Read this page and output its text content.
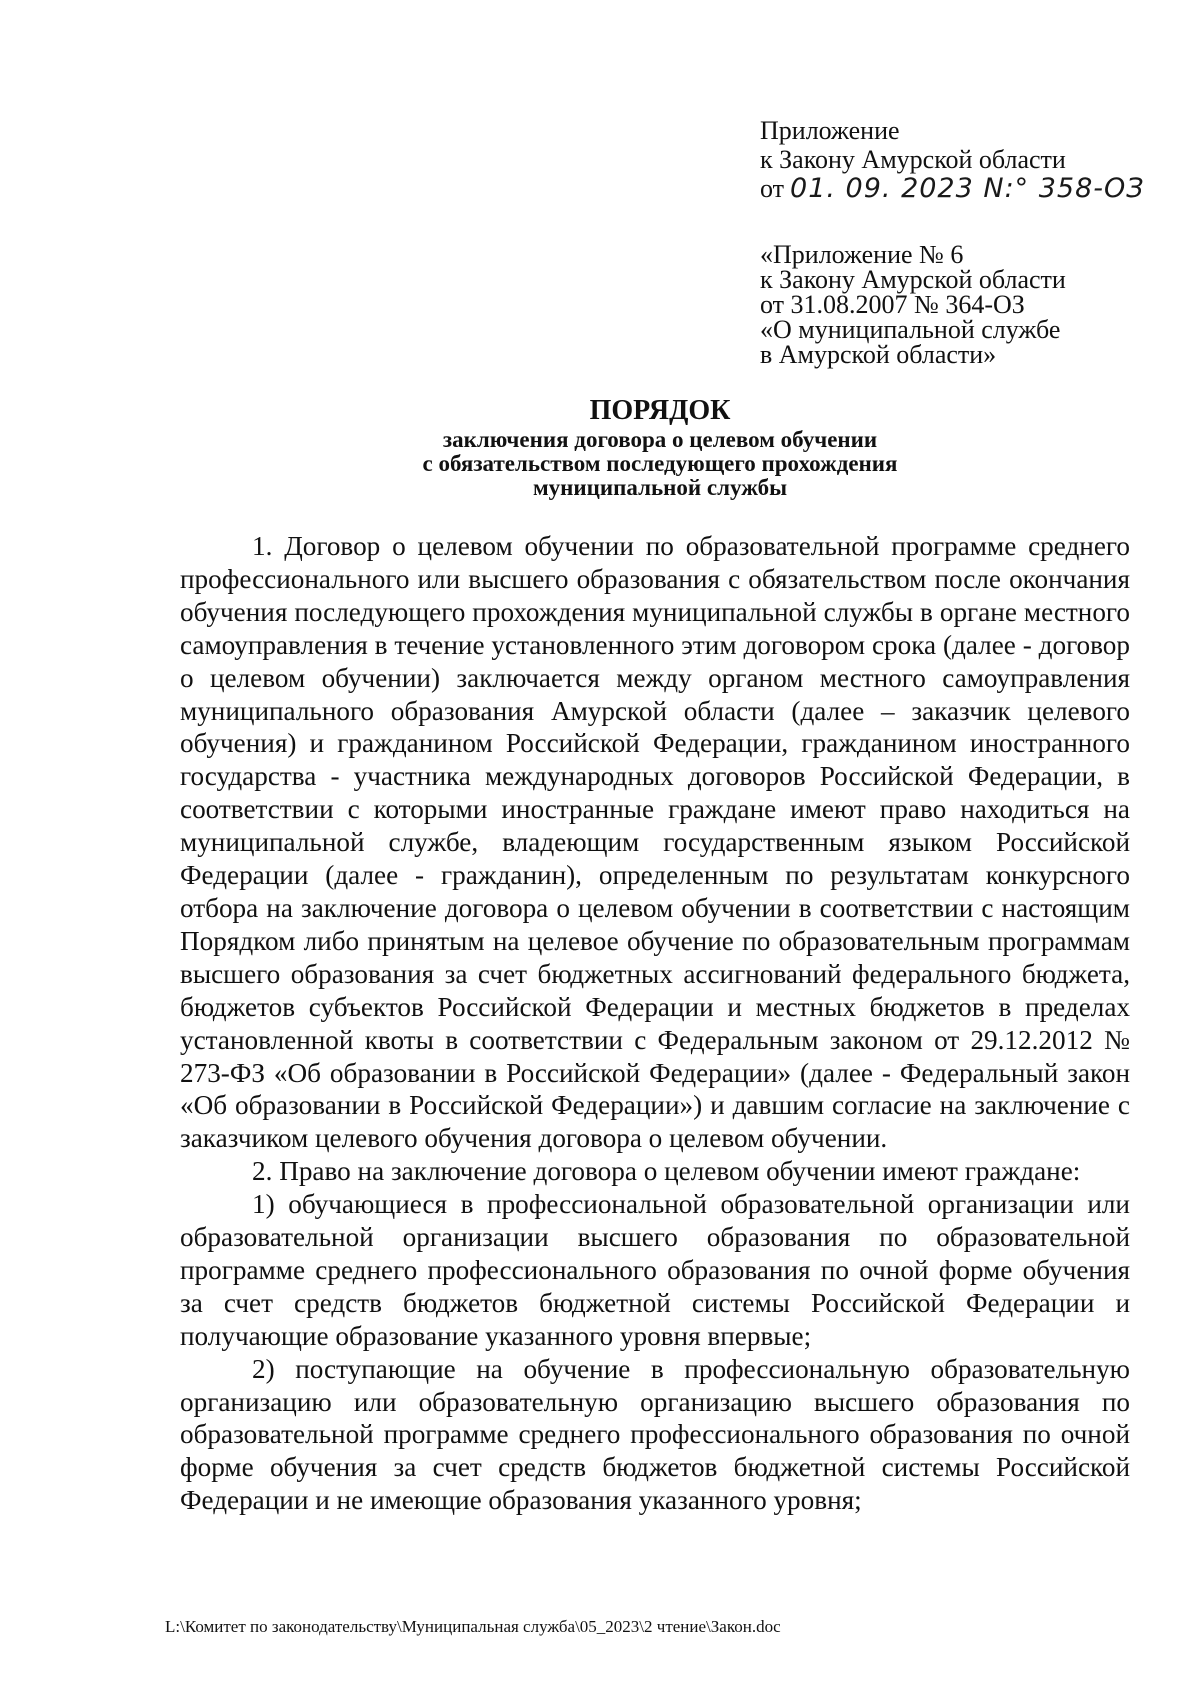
Приложение
к Закону Амурской области
от 01. 09. 2023 N:° 358-ОЗ
«Приложение № 6
к Закону Амурской области
от 31.08.2007 № 364-ОЗ
«О муниципальной службе
в Амурской области»
ПОРЯДОК
заключения договора о целевом обучении
с обязательством последующего прохождения
муниципальной службы

1. Договор о целевом обучении по образовательной программе среднего профессионального или высшего образования с обязательством после окончания обучения последующего прохождения муниципальной службы в органе местного самоуправления в течение установленного этим договором срока (далее - договор о целевом обучении) заключается между органом местного самоуправления муниципального образования Амурской области (далее – заказчик целевого обучения) и гражданином Российской Федерации, гражданином иностранного государства - участника международных договоров Российской Федерации, в соответствии с которыми иностранные граждане имеют право находиться на муниципальной службе, владеющим государственным языком Российской Федерации (далее - гражданин), определенным по результатам конкурсного отбора на заключение договора о целевом обучении в соответствии с настоящим Порядком либо принятым на целевое обучение по образовательным программам высшего образования за счет бюджетных ассигнований федерального бюджета, бюджетов субъектов Российской Федерации и местных бюджетов в пределах установленной квоты в соответствии с Федеральным законом от 29.12.2012 № 273-ФЗ «Об образовании в Российской Федерации» (далее - Федеральный закон «Об образовании в Российской Федерации») и давшим согласие на заключение с заказчиком целевого обучения договора о целевом обучении.

2. Право на заключение договора о целевом обучении имеют граждане:

1) обучающиеся в профессиональной образовательной организации или образовательной организации высшего образования по образовательной программе среднего профессионального образования по очной форме обучения за счет средств бюджетов бюджетной системы Российской Федерации и получающие образование указанного уровня впервые;

2) поступающие на обучение в профессиональную образовательную организацию или образовательную организацию высшего образования по образовательной программе среднего профессионального образования по очной форме обучения за счет средств бюджетов бюджетной системы Российской Федерации и не имеющие образования указанного уровня;

L:\Комитет по законодательству\Муниципальная служба\05_2023\2 чтение\Закон.doc
